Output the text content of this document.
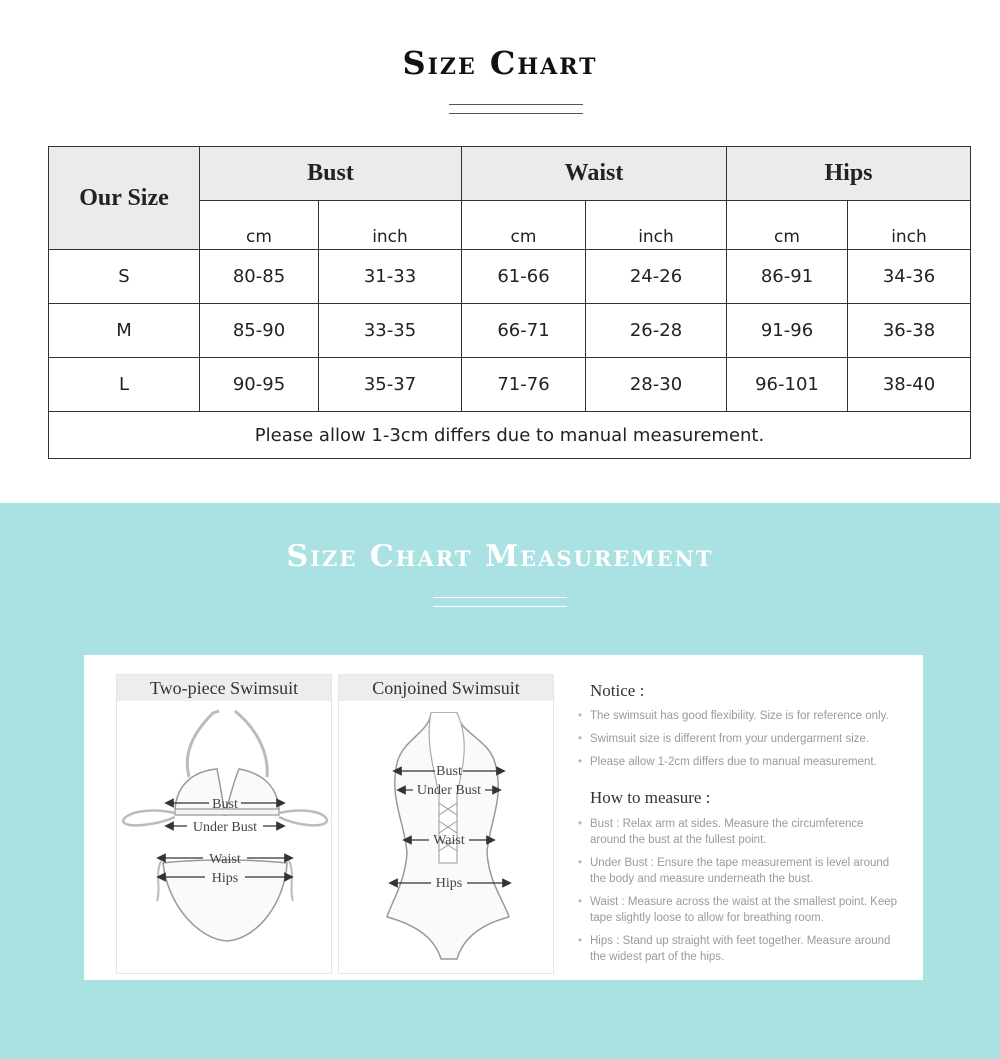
Size Chart
Our Size	Bust		Waist		Hips	
	cm	inch	cm	inch	cm	inch
S	80-85	31-33	61-66	24-26	86-91	34-36
M	85-90	33-35	66-71	26-28	91-96	36-38
L	90-95	35-37	71-76	28-30	96-101	38-40
Please allow 1-3cm differs due to manual measurement.						
Size Chart Measurement
Two-piece Swimsuit
Bust
Under Bust
Waist
Hips
Conjoined Swimsuit
Bust
Under Bust
Waist
Hips
Notice :
• The swimsuit has good flexibility. Size is for reference only.
• Swimsuit size is different from your undergarment size.
• Please allow 1-2cm differs due to manual measurement.
How to measure :
• Bust : Relax arm at sides. Measure the circumference around the bust at the fullest point.
• Under Bust : Ensure the tape measurement is level around the body and measure underneath the bust.
• Waist : Measure across the waist at the smallest point. Keep tape slightly loose to allow for breathing room.
• Hips : Stand up straight with feet together. Measure around the widest part of the hips.
